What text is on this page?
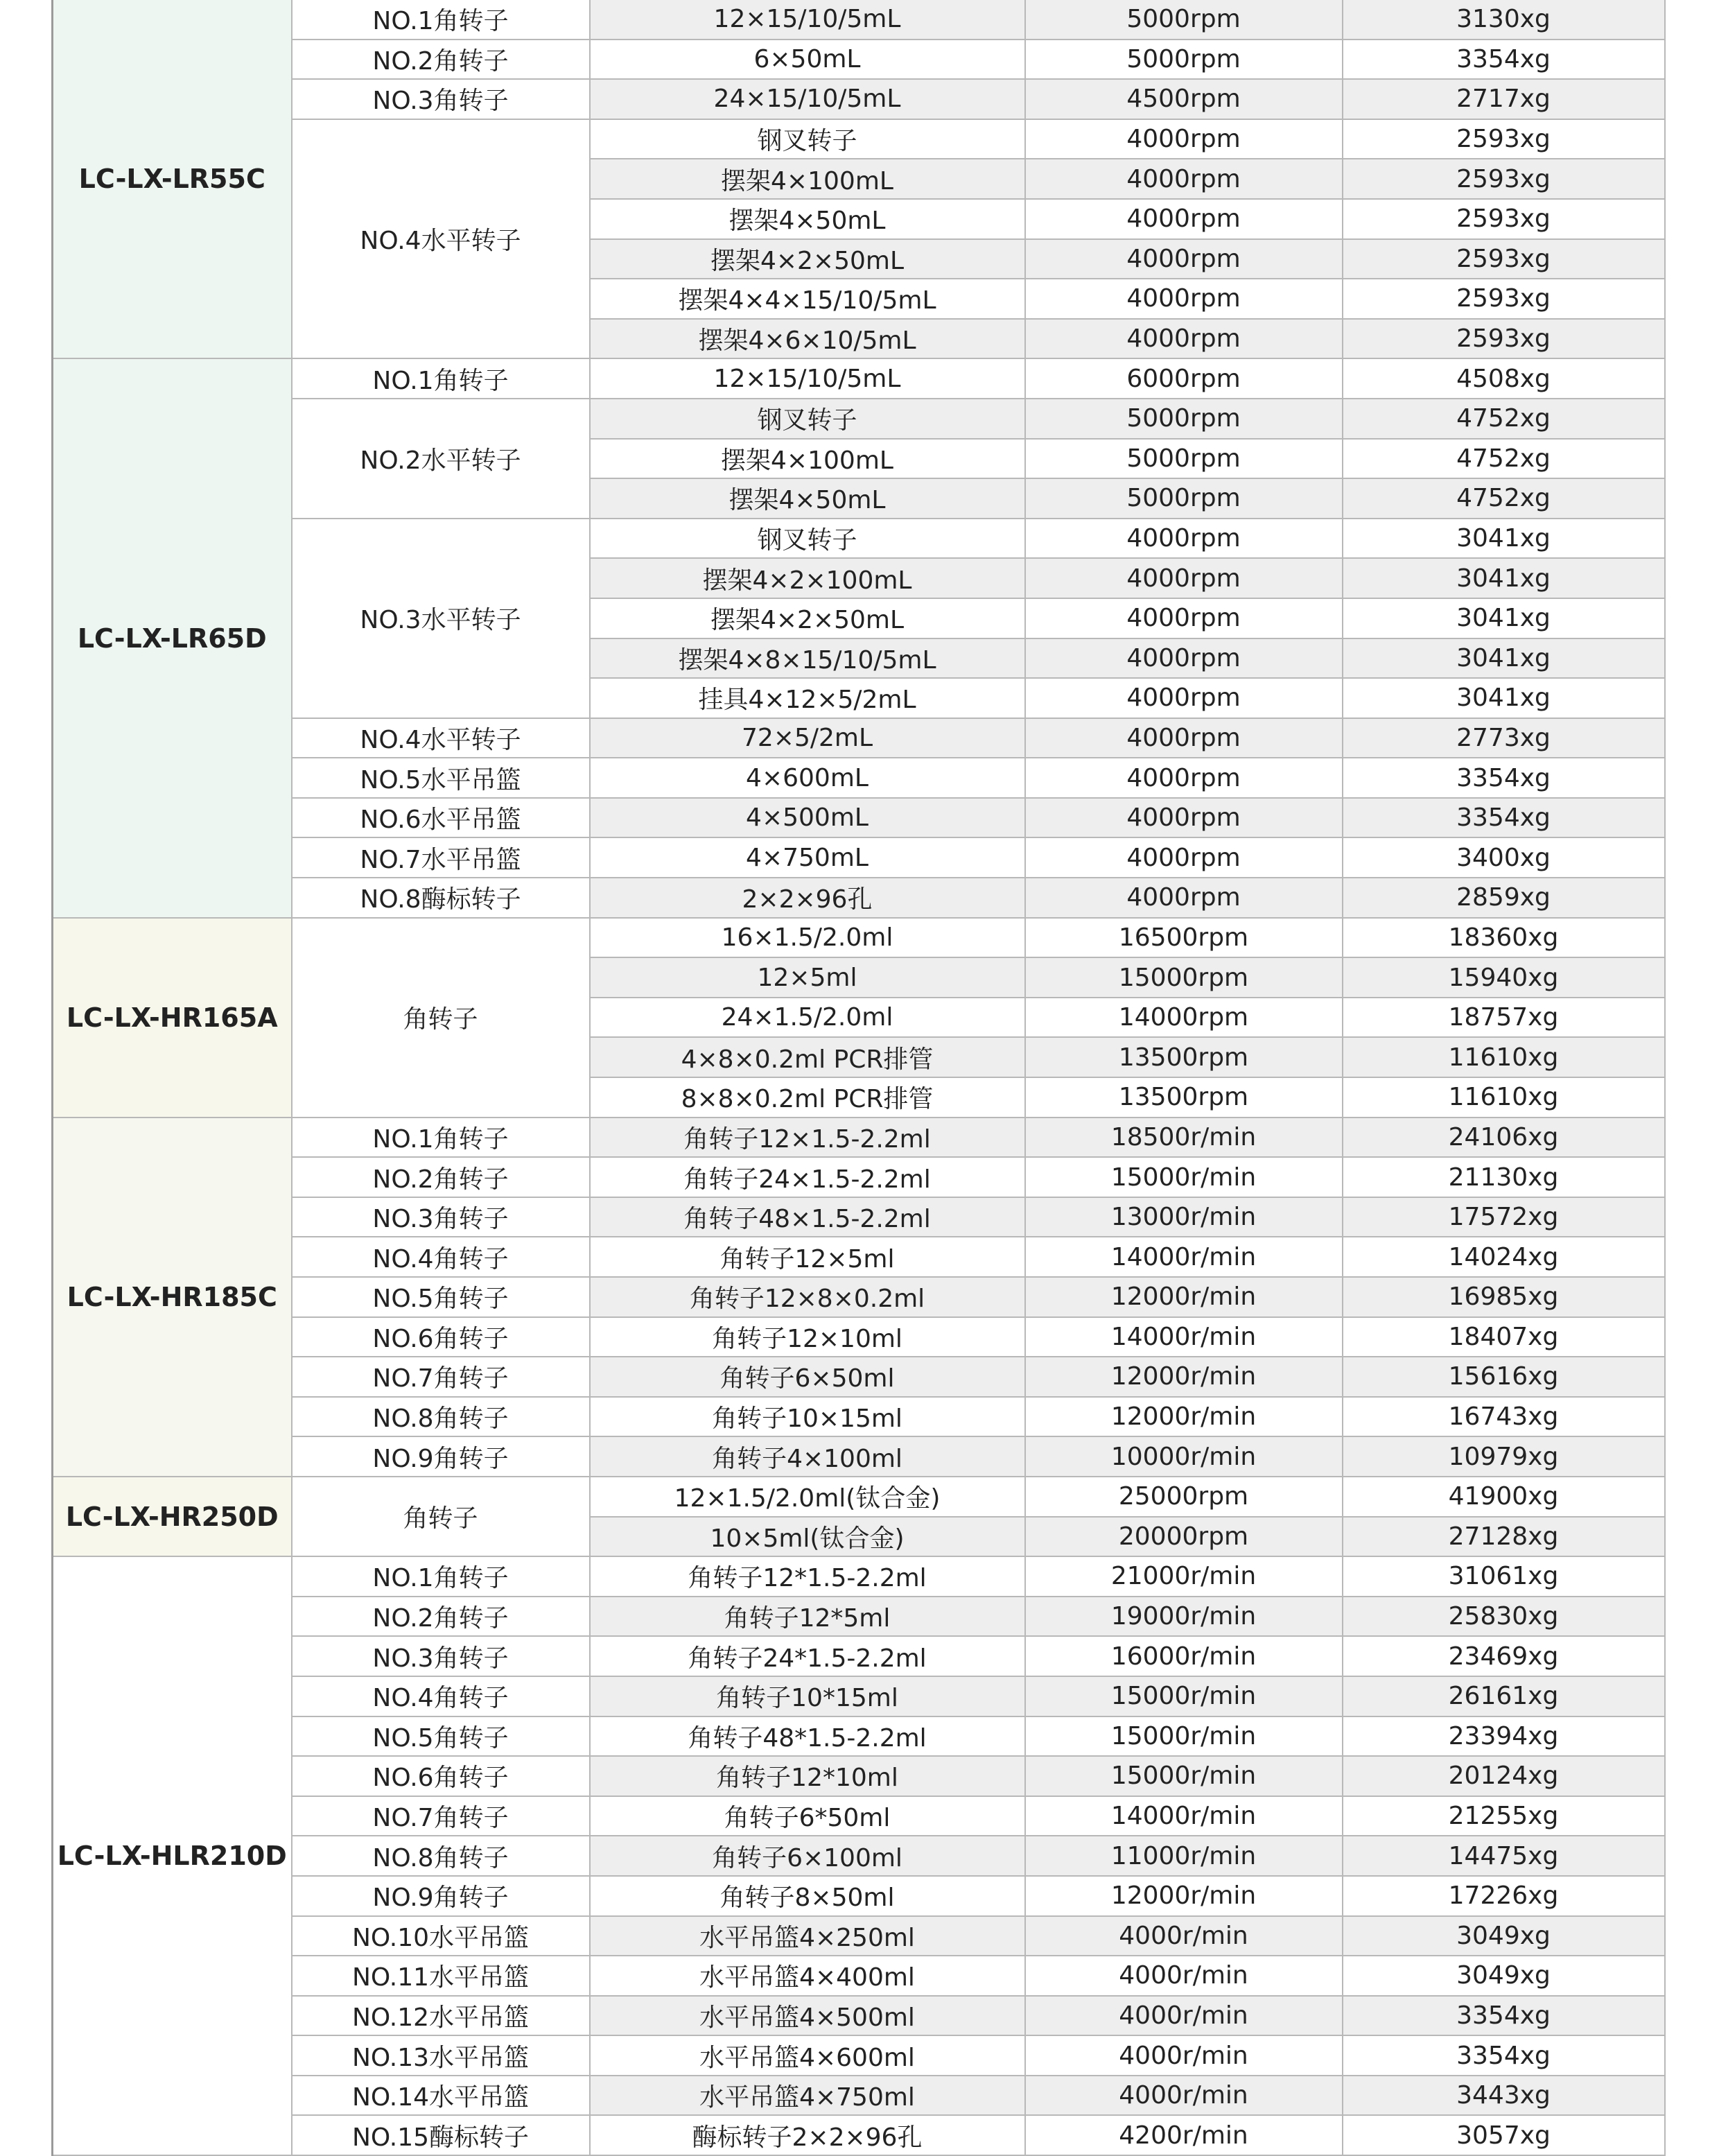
LC-LX-LR55C	NO.1角转子	12×15/10/5mL	5000rpm	3130xg
	NO.2角转子	6×50mL	5000rpm	3354xg
	NO.3角转子	24×15/10/5mL	4500rpm	2717xg
	NO.4水平转子	钢叉转子	4000rpm	2593xg
		摆架4×100mL	4000rpm	2593xg
		摆架4×50mL	4000rpm	2593xg
		摆架4×2×50mL	4000rpm	2593xg
		摆架4×4×15/10/5mL	4000rpm	2593xg
		摆架4×6×10/5mL	4000rpm	2593xg
LC-LX-LR65D	NO.1角转子	12×15/10/5mL	6000rpm	4508xg
	NO.2水平转子	钢叉转子	5000rpm	4752xg
		摆架4×100mL	5000rpm	4752xg
		摆架4×50mL	5000rpm	4752xg
	NO.3水平转子	钢叉转子	4000rpm	3041xg
		摆架4×2×100mL	4000rpm	3041xg
		摆架4×2×50mL	4000rpm	3041xg
		摆架4×8×15/10/5mL	4000rpm	3041xg
		挂具4×12×5/2mL	4000rpm	3041xg
	NO.4水平转子	72×5/2mL	4000rpm	2773xg
	NO.5水平吊篮	4×600mL	4000rpm	3354xg
	NO.6水平吊篮	4×500mL	4000rpm	3354xg
	NO.7水平吊篮	4×750mL	4000rpm	3400xg
	NO.8酶标转子	2×2×96孔	4000rpm	2859xg
LC-LX-HR165A	角转子	16×1.5/2.0ml	16500rpm	18360xg
		12×5ml	15000rpm	15940xg
		24×1.5/2.0ml	14000rpm	18757xg
		4×8×0.2ml PCR排管	13500rpm	11610xg
		8×8×0.2ml PCR排管	13500rpm	11610xg
LC-LX-HR185C	NO.1角转子	角转子12×1.5-2.2ml	18500r/min	24106xg
	NO.2角转子	角转子24×1.5-2.2ml	15000r/min	21130xg
	NO.3角转子	角转子48×1.5-2.2ml	13000r/min	17572xg
	NO.4角转子	角转子12×5ml	14000r/min	14024xg
	NO.5角转子	角转子12×8×0.2ml	12000r/min	16985xg
	NO.6角转子	角转子12×10ml	14000r/min	18407xg
	NO.7角转子	角转子6×50ml	12000r/min	15616xg
	NO.8角转子	角转子10×15ml	12000r/min	16743xg
	NO.9角转子	角转子4×100ml	10000r/min	10979xg
LC-LX-HR250D	角转子	12×1.5/2.0ml(钛合金)	25000rpm	41900xg
		10×5ml(钛合金)	20000rpm	27128xg
LC-LX-HLR210D	NO.1角转子	角转子12*1.5-2.2ml	21000r/min	31061xg
	NO.2角转子	角转子12*5ml	19000r/min	25830xg
	NO.3角转子	角转子24*1.5-2.2ml	16000r/min	23469xg
	NO.4角转子	角转子10*15ml	15000r/min	26161xg
	NO.5角转子	角转子48*1.5-2.2ml	15000r/min	23394xg
	NO.6角转子	角转子12*10ml	15000r/min	20124xg
	NO.7角转子	角转子6*50ml	14000r/min	21255xg
	NO.8角转子	角转子6×100ml	11000r/min	14475xg
	NO.9角转子	角转子8×50ml	12000r/min	17226xg
	NO.10水平吊篮	水平吊篮4×250ml	4000r/min	3049xg
	NO.11水平吊篮	水平吊篮4×400ml	4000r/min	3049xg
	NO.12水平吊篮	水平吊篮4×500ml	4000r/min	3354xg
	NO.13水平吊篮	水平吊篮4×600ml	4000r/min	3354xg
	NO.14水平吊篮	水平吊篮4×750ml	4000r/min	3443xg
	NO.15酶标转子	酶标转子2×2×96孔	4200r/min	3057xg
